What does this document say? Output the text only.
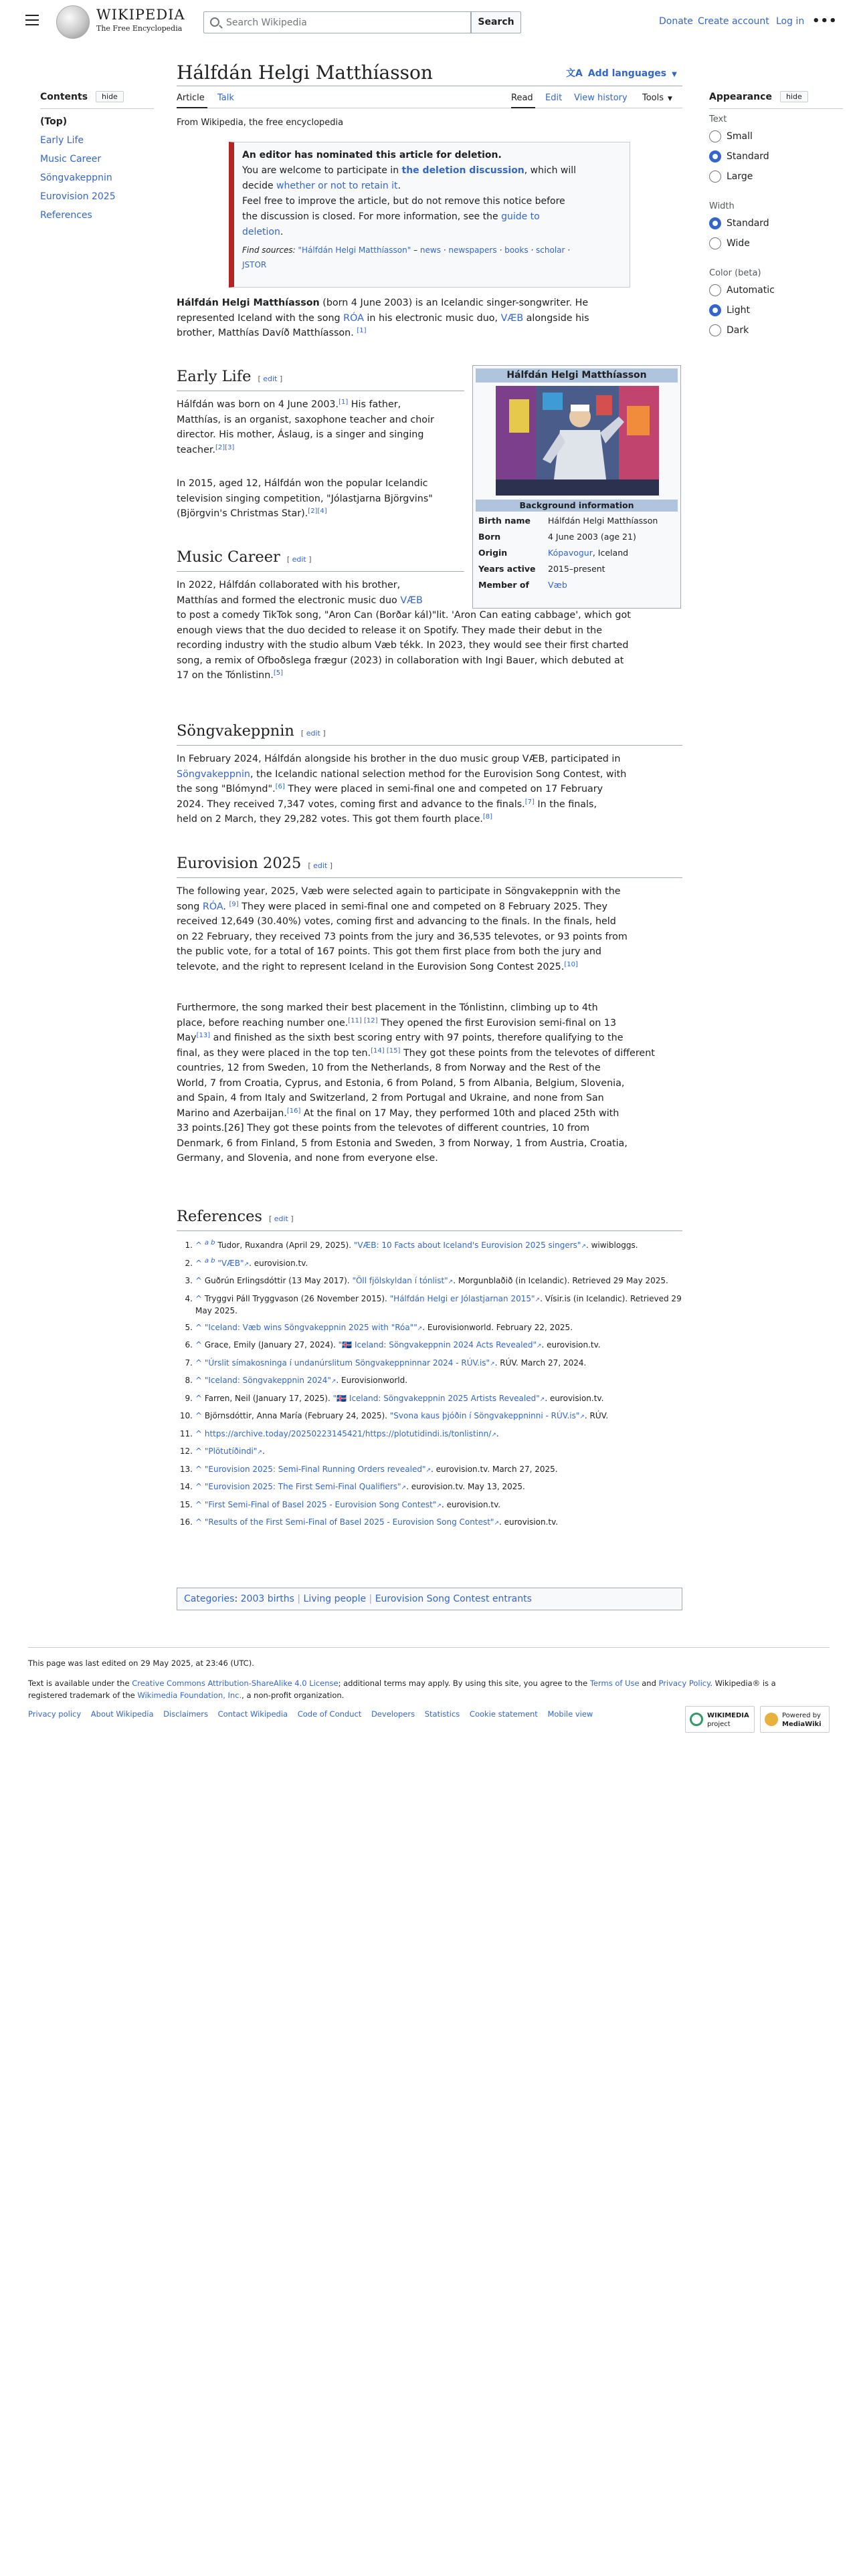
WIKIPEDIA
The Free Encyclopedia
Search Wikipedia
Search	Donate Create account Log in •••
Contents hide
(Top)
Early Life
Music Career
Söngvakeppnin
Eurovision 2025
References
Hálfdán Helgi Matthíasson	文A Add languages ▼
Article Talk	Read Edit View history Tools ▼
From Wikipedia, the free encyclopedia
An editor has nominated this article for deletion.
You are welcome to participate in the deletion discussion, which will
decide whether or not to retain it.
Feel free to improve the article, but do not remove this notice before
the discussion is closed. For more information, see the guide to
deletion.
Find sources: "Hálfdán Helgi Matthíasson" – news · newspapers · books · scholar ·
JSTOR
Hálfdán Helgi Matthíasson (born 4 June 2003) is an Icelandic singer-songwriter. He
represented Iceland with the song RÓA in his electronic music duo, VÆB alongside his
brother, Matthías Davíð Matthíasson. [1]
Hálfdán Helgi Matthíasson
Background information
Birth name Hálfdán Helgi Matthíasson
Born	4 June 2003 (age 21)
Origin	Kópavogur, Iceland
Years active 2015–present
Member of Væb
Early Life [ edit ]
Hálfdán was born on 4 June 2003.[1] His father,
Matthías, is an organist, saxophone teacher and choir
director. His mother, Áslaug, is a singer and singing
teacher.[2][3]
In 2015, aged 12, Hálfdán won the popular Icelandic
television singing competition, "Jólastjarna Björgvins"
(Björgvin's Christmas Star).[2][4]
Music Career [ edit ]
In 2022, Hálfdán collaborated with his brother,
Matthías and formed the electronic music duo VÆB
to post a comedy TikTok song, "Aron Can (Borðar kál)"lit. 'Aron Can eating cabbage', which got
enough views that the duo decided to release it on Spotify. They made their debut in the
recording industry with the studio album Væb tékk. In 2023, they would see their first charted
song, a remix of Ofboðslega frægur (2023) in collaboration with Ingi Bauer, which debuted at
17 on the Tónlistinn.[5]
Söngvakeppnin [ edit ]
In February 2024, Hálfdán alongside his brother in the duo music group VÆB, participated in
Söngvakeppnin, the Icelandic national selection method for the Eurovision Song Contest, with
the song "Blómynd".[6] They were placed in semi-final one and competed on 17 February
2024. They received 7,347 votes, coming first and advance to the finals.[7] In the finals,
held on 2 March, they 29,282 votes. This got them fourth place.[8]
Eurovision 2025 [ edit ]
The following year, 2025, Væb were selected again to participate in Söngvakeppnin with the
song RÓA. [9] They were placed in semi-final one and competed on 8 February 2025. They
received 12,649 (30.40%) votes, coming first and advancing to the finals. In the finals, held
on 22 February, they received 73 points from the jury and 36,535 televotes, or 93 points from
the public vote, for a total of 167 points. This got them first place from both the jury and
televote, and the right to represent Iceland in the Eurovision Song Contest 2025.[10]
Furthermore, the song marked their best placement in the Tónlistinn, climbing up to 4th
place, before reaching number one.[11] [12] They opened the first Eurovision semi-final on 13
May[13] and finished as the sixth best scoring entry with 97 points, therefore qualifying to the
final, as they were placed in the top ten.[14] [15] They got these points from the televotes of different
countries, 12 from Sweden, 10 from the Netherlands, 8 from Norway and the Rest of the
World, 7 from Croatia, Cyprus, and Estonia, 6 from Poland, 5 from Albania, Belgium, Slovenia,
and Spain, 4 from Italy and Switzerland, 2 from Portugal and Ukraine, and none from San
Marino and Azerbaijan.[16] At the final on 17 May, they performed 10th and placed 25th with
33 points.[26] They got these points from the televotes of different countries, 10 from
Denmark, 6 from Finland, 5 from Estonia and Sweden, 3 from Norway, 1 from Austria, Croatia,
Germany, and Slovenia, and none from everyone else.
References [ edit ]
1. ^ $^{a b}$ Tudor, Ruxandra (April 29, 2025). "VÆB: 10 Facts about Iceland's Eurovision 2025 singers"↗. wiwibloggs.
2. ^ $^{a b}$ "VÆB"↗. eurovision.tv.
3. ^ Guðrún Erlingsdóttir (13 May 2017). "Öll fjölskyldan í tónlist"↗. Morgunblaðið (in Icelandic). Retrieved 29 May 2025.
4. ^ Tryggvi Páll Tryggvason (26 November 2015). "Hálfdán Helgi er Jólastjarnan 2015"↗. Vísir.is (in Icelandic). Retrieved 29 May 2025.
5. ^ "Iceland: Væb wins Söngvakeppnin 2025 with "Róa""↗. Eurovisionworld. February 22, 2025.
6. ^ Grace, Emily (January 27, 2024). "🇮🇸 Iceland: Söngvakeppnin 2024 Acts Revealed"↗. eurovision.tv.
7. ^ "Úrslit símakosninga í undanúrslitum Söngvakeppninnar 2024 - RÚV.is"↗. RÚV. March 27, 2024.
8. ^ "Iceland: Söngvakeppnin 2024"↗. Eurovisionworld.
9. ^ Farren, Neil (January 17, 2025). "🇮🇸 Iceland: Söngvakeppnin 2025 Artists Revealed"↗. eurovision.tv.
10. ^ Björnsdóttir, Anna María (February 24, 2025). "Svona kaus þjóðin í Söngvakeppninni - RÚV.is"↗. RÚV.
11. ^ https://archive.today/20250223145421/https://plotutidindi.is/tonlistinn/↗.
12. ^ "Plötutíðindi"↗.
13. ^ "Eurovision 2025: Semi-Final Running Orders revealed"↗. eurovision.tv. March 27, 2025.
14. ^ "Eurovision 2025: The First Semi-Final Qualifiers"↗. eurovision.tv. May 13, 2025.
15. ^ "First Semi-Final of Basel 2025 - Eurovision Song Contest"↗. eurovision.tv.
16. ^ "Results of the First Semi-Final of Basel 2025 - Eurovision Song Contest"↗. eurovision.tv.
Categories: 2003 births | Living people | Eurovision Song Contest entrants
This page was last edited on 29 May 2025, at 23:46 (UTC).
Text is available under the Creative Commons Attribution-ShareAlike 4.0 License; additional terms may apply. By using this site, you agree to the Terms of Use and Privacy Policy. Wikipedia® is a
registered trademark of the Wikimedia Foundation, Inc., a non-profit organization.
Privacy policy About Wikipedia Disclaimers Contact Wikipedia Code of Conduct Developers Statistics Cookie statement Mobile view	WIKIMEDIA
project
Powered by
MediaWiki
Appearance hide
Text
Small
Standard
Large
Width
Standard
Wide
Color (beta)
Automatic
Light
Dark
